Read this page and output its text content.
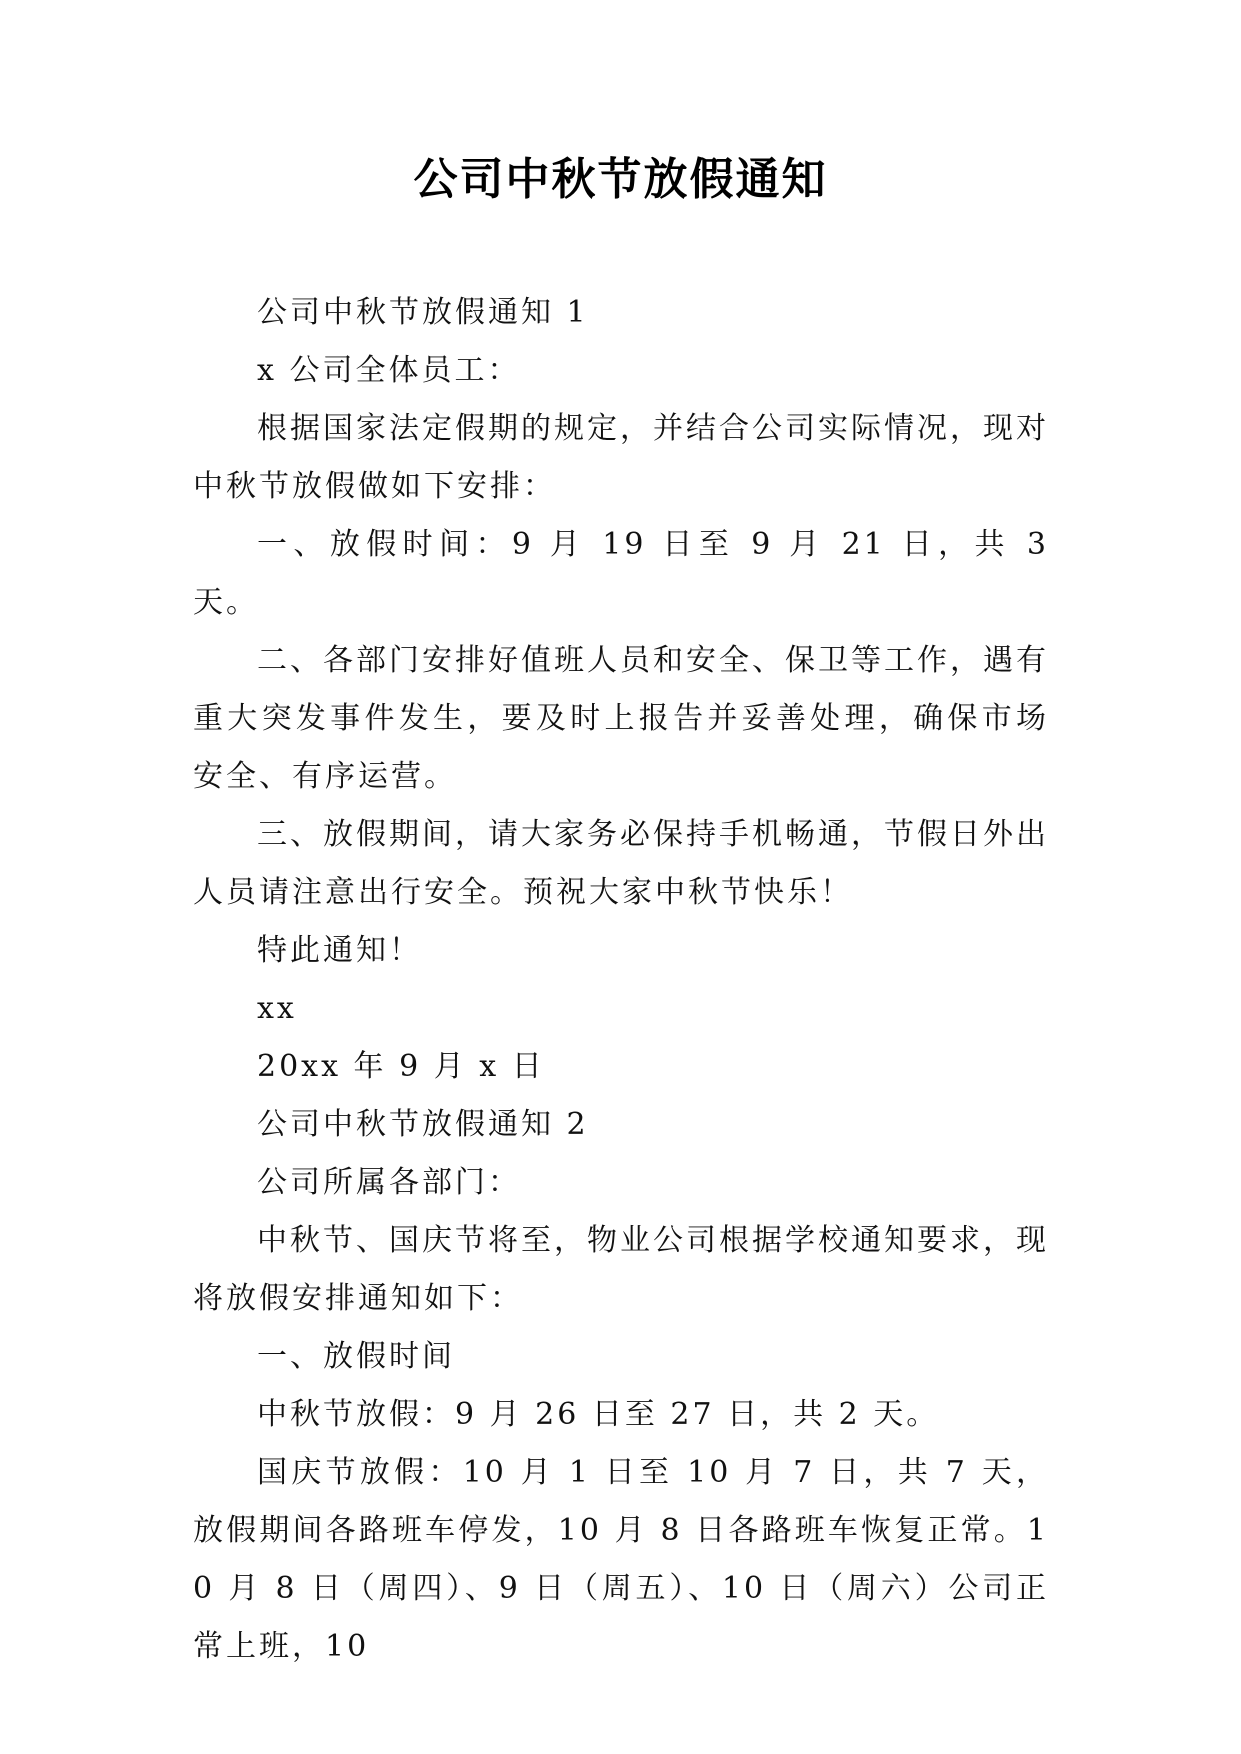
公司中秋节放假通知

公司中秋节放假通知 1

x 公司全体员工：

根据国家法定假期的规定，并结合公司实际情况，现对中秋节放假做如下安排：

一、放假时间：9 月 19 日至 9 月 21 日，共 3 天。

二、各部门安排好值班人员和安全、保卫等工作，遇有重大突发事件发生，要及时上报告并妥善处理，确保市场安全、有序运营。

三、放假期间，请大家务必保持手机畅通，节假日外出人员请注意出行安全。预祝大家中秋节快乐！

特此通知！

xx

20xx 年 9 月 x 日

公司中秋节放假通知 2

公司所属各部门：

中秋节、国庆节将至，物业公司根据学校通知要求，现将放假安排通知如下：

一、放假时间

中秋节放假：9 月 26 日至 27 日，共 2 天。

国庆节放假：10 月 1 日至 10 月 7 日，共 7 天，放假期间各路班车停发，10 月 8 日各路班车恢复正常。10 月 8 日（周四）、9 日（周五）、10 日（周六）公司正常上班，10
